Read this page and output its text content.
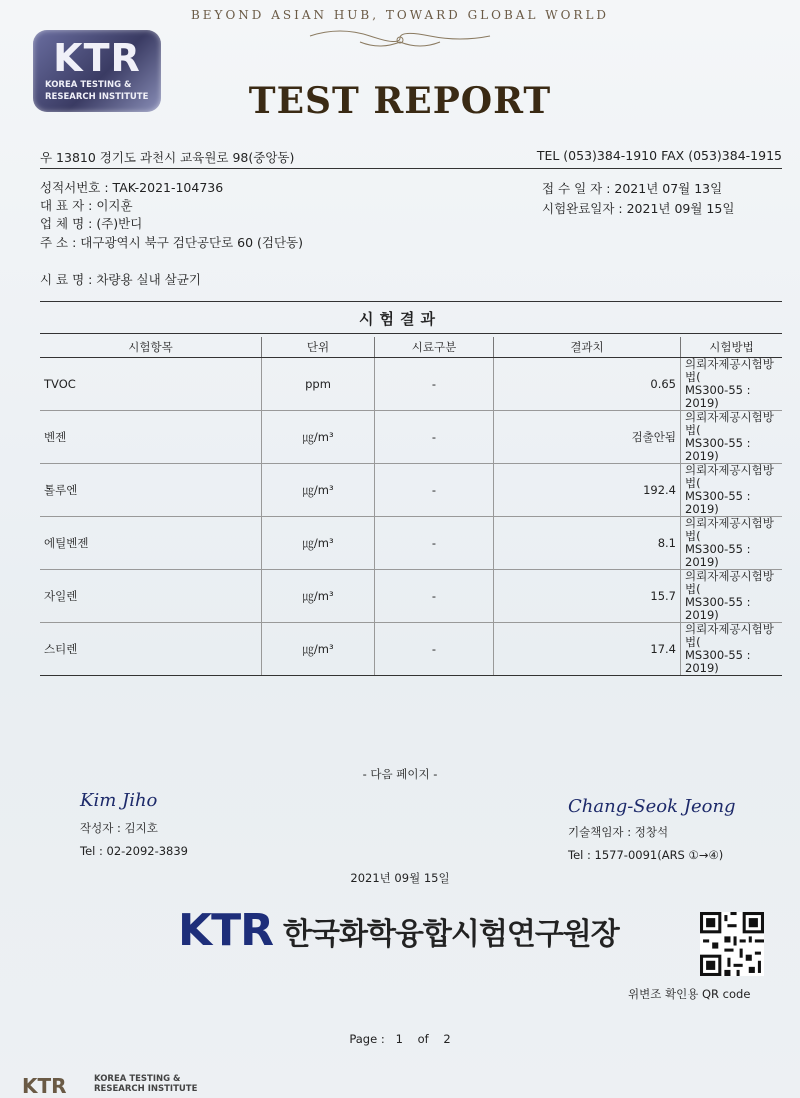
BEYOND ASIAN HUB, TOWARD GLOBAL WORLD
KTR
KOREA TESTING &
RESEARCH INSTITUTE	TEST REPORT
우 13810 경기도 과천시 교육원로 98(중앙동)	TEL (053)384-1910 FAX (053)384-1915
성적서번호 : TAK-2021-104736
대 표 자 : 이지훈
업 체 명 : (주)반디
주 소 : 대구광역시 북구 검단공단로 60 (검단동)
접 수 일 자 : 2021년 07월 13일
시험완료일자 : 2021년 09월 15일
시 료 명 : 차량용 실내 살균기
시험결과
시험항목	단위	시료구분	결과치	시험방법
TVOC	ppm	-	0.65	의뢰자제공시험방법(
MS300-55 : 2019)

벤젠	㎍/m³	-	검출안됨	의뢰자제공시험방법(
MS300-55 : 2019)

톨루엔	㎍/m³	-	192.4	의뢰자제공시험방법(
MS300-55 : 2019)

에틸벤젠	㎍/m³	-	8.1	의뢰자제공시험방법(
MS300-55 : 2019)

자일렌	㎍/m³	-	15.7	의뢰자제공시험방법(
MS300-55 : 2019)

스티렌	㎍/m³	-	17.4	의뢰자제공시험방법(
MS300-55 : 2019)
- 다음 페이지 -
Kim Jiho
작성자 : 김지호
Tel : 02-2092-3839
Chang-Seok Jeong
기술책임자 : 정창석
Tel : 1577-0091(ARS ①→④)
2021년 09월 15일
KTR 한국화학융합시험연구원장
위변조 확인용 QR code
Page :   1    of    2
KTR	KOREA TESTING &
RESEARCH INSTITUTE
